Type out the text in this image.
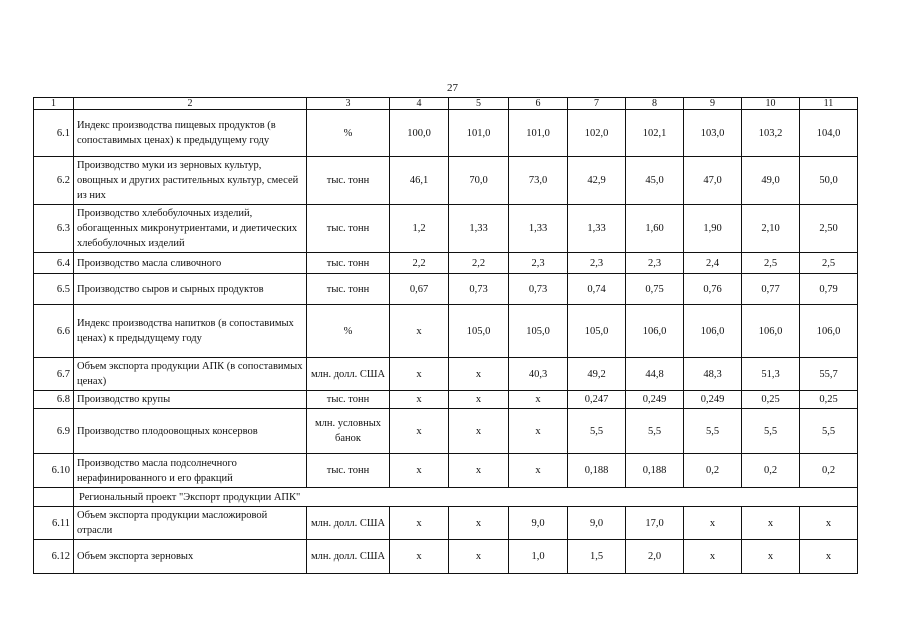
27
1	2	3	4	5	6	7	8	9	10	11
6.1	Индекс производства пищевых продуктов (в сопоставимых ценах) к предыдущему году	%	100,0	101,0	101,0	102,0	102,1	103,0	103,2	104,0
6.2	Производство муки из зерновых культур, овощных и других растительных культур, смесей из них	тыс. тонн	46,1	70,0	73,0	42,9	45,0	47,0	49,0	50,0
6.3	Производство хлебобулочных изделий, обогащенных микронутриентами, и диетических хлебобулочных изделий	тыс. тонн	1,2	1,33	1,33	1,33	1,60	1,90	2,10	2,50
6.4	Производство масла сливочного	тыс. тонн	2,2	2,2	2,3	2,3	2,3	2,4	2,5	2,5
6.5	Производство сыров и сырных продуктов	тыс. тонн	0,67	0,73	0,73	0,74	0,75	0,76	0,77	0,79
6.6	Индекс производства напитков (в сопоставимых ценах) к предыдущему году	%	х	105,0	105,0	105,0	106,0	106,0	106,0	106,0
6.7	Объем экспорта продукции АПК (в сопоставимых ценах)	млн. долл. США	х	х	40,3	49,2	44,8	48,3	51,3	55,7
6.8	Производство крупы	тыс. тонн	х	х	х	0,247	0,249	0,249	0,25	0,25
6.9	Производство плодоовощных консервов	млн. условных банок	х	х	х	5,5	5,5	5,5	5,5	5,5
6.10	Производство масла подсолнечного нерафинированного и его фракций	тыс. тонн	х	х	х	0,188	0,188	0,2	0,2	0,2
	Региональный проект "Экспорт продукции АПК"									
6.11	Объем экспорта продукции масложировой отрасли	млн. долл. США	х	х	9,0	9,0	17,0	х	х	х
6.12	Объем экспорта зерновых	млн. долл. США	х	х	1,0	1,5	2,0	х	х	х
